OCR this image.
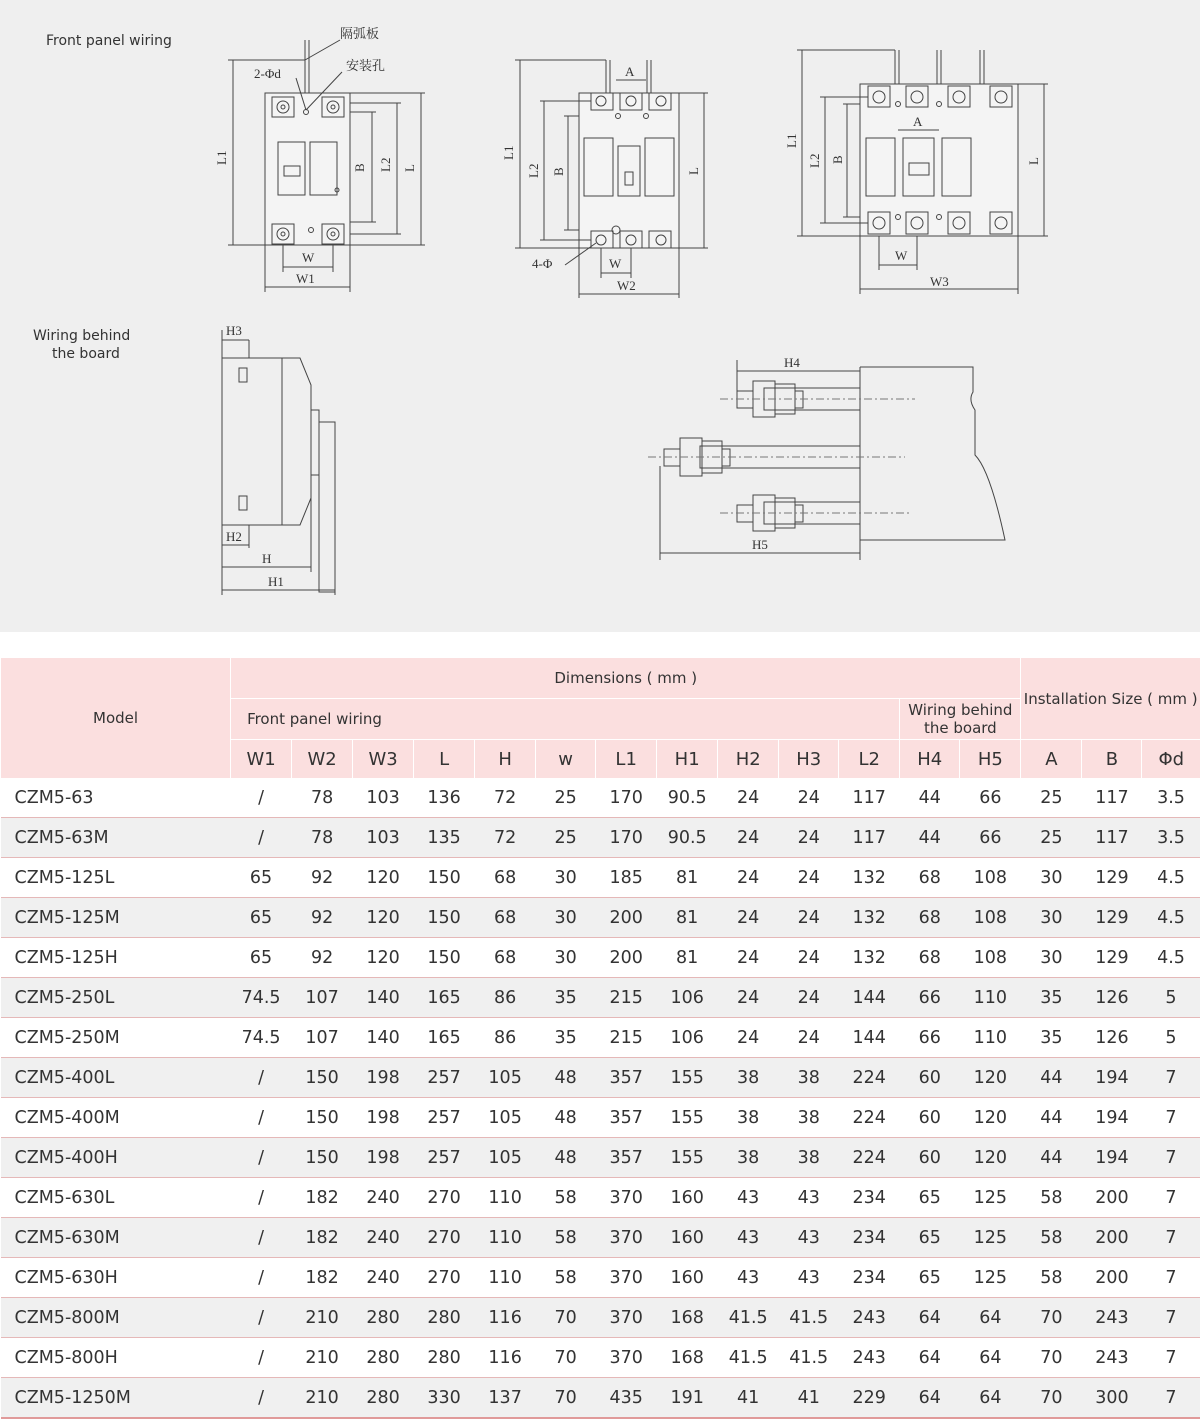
Front panel wiring
Wiring behind
the board
隔弧板
安装孔
2-Φd
L1
B L2 L
W
W1
A
L1
L2 B	L
4-Φ	W
W2
A
L1
L2 B	L
W
W3
H3
H2
H
H1
H4
H5
Model	Dimensions ( mm )													Installation Size ( mm )		
	Front panel wiring											Wiring behind the board				
	W1	W2	W3	L	H	w	L1	H1	H2	H3	L2	H4	H5	A	B	Φd
CZM5-63	/	78	103	136	72	25	170	90.5	24	24	117	44	66	25	117	3.5
CZM5-63M	/	78	103	135	72	25	170	90.5	24	24	117	44	66	25	117	3.5
CZM5-125L	65	92	120	150	68	30	185	81	24	24	132	68	108	30	129	4.5
CZM5-125M	65	92	120	150	68	30	200	81	24	24	132	68	108	30	129	4.5
CZM5-125H	65	92	120	150	68	30	200	81	24	24	132	68	108	30	129	4.5
CZM5-250L	74.5	107	140	165	86	35	215	106	24	24	144	66	110	35	126	5
CZM5-250M	74.5	107	140	165	86	35	215	106	24	24	144	66	110	35	126	5
CZM5-400L	/	150	198	257	105	48	357	155	38	38	224	60	120	44	194	7
CZM5-400M	/	150	198	257	105	48	357	155	38	38	224	60	120	44	194	7
CZM5-400H	/	150	198	257	105	48	357	155	38	38	224	60	120	44	194	7
CZM5-630L	/	182	240	270	110	58	370	160	43	43	234	65	125	58	200	7
CZM5-630M	/	182	240	270	110	58	370	160	43	43	234	65	125	58	200	7
CZM5-630H	/	182	240	270	110	58	370	160	43	43	234	65	125	58	200	7
CZM5-800M	/	210	280	280	116	70	370	168	41.5	41.5	243	64	64	70	243	7
CZM5-800H	/	210	280	280	116	70	370	168	41.5	41.5	243	64	64	70	243	7
CZM5-1250M	/	210	280	330	137	70	435	191	41	41	229	64	64	70	300	7
